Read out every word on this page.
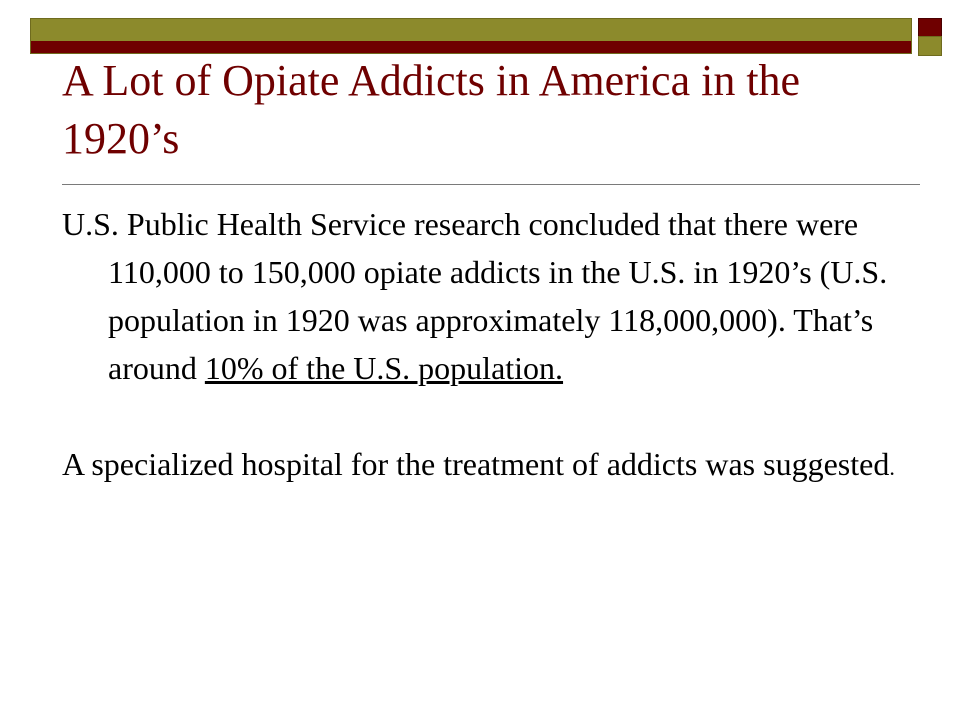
A Lot of Opiate Addicts in America in the 1920’s

U.S. Public Health Service research concluded that there were 110,000 to 150,000 opiate addicts in the U.S. in 1920’s (U.S. population in 1920 was approximately 118,000,000). That’s around 10% of the U.S. population.

A specialized hospital for the treatment of addicts was suggested.
